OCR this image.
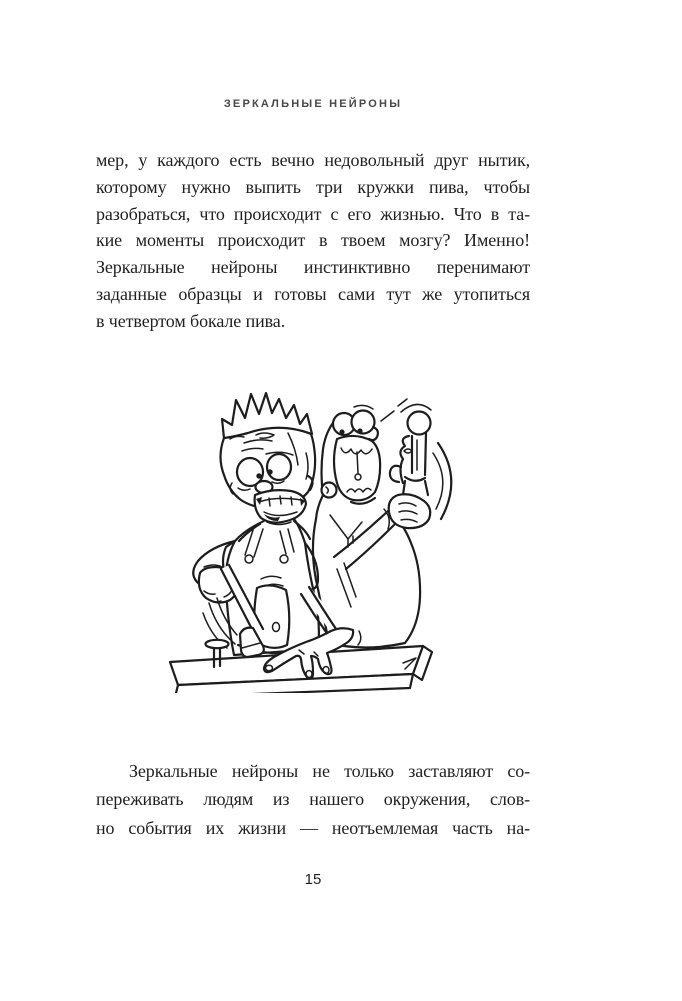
ЗЕРКАЛЬНЫЕ НЕЙРОНЫ
мер, у каждого есть вечно недовольный друг нытик,
которому нужно выпить три кружки пива, чтобы
разобраться, что происходит с его жизнью. Что в та-
кие моменты происходит в твоем мозгу? Именно!
Зеркальные нейроны инстинктивно перенимают
заданные образцы и готовы сами тут же утопиться
в четвертом бокале пива.
Зеркальные нейроны не только заставляют со-
переживать людям из нашего окружения, слов-
но события их жизни — неотъемлемая часть на-
15
